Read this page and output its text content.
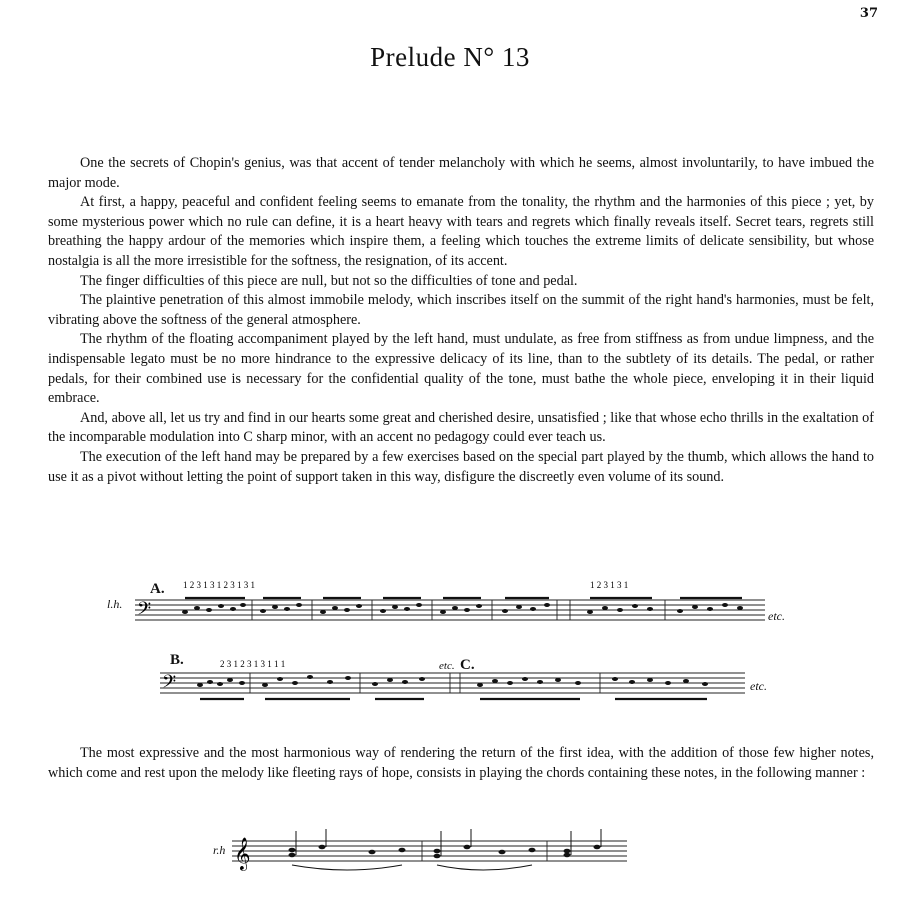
37
Prelude N° 13

One the secrets of Chopin's genius, was that accent of tender melancholy with which he seems, almost involuntarily, to have imbued the major mode.

At first, a happy, peaceful and confident feeling seems to emanate from the tonality, the rhythm and the harmonies of this piece ; yet, by some mysterious power which no rule can define, it is a heart heavy with tears and regrets which finally reveals itself. Secret tears, regrets still breathing the happy ardour of the memories which inspire them, a feeling which touches the extreme limits of delicate sensibility, but whose nostalgia is all the more irresistible for the softness, the resignation, of its accent.

The finger difficulties of this piece are null, but not so the difficulties of tone and pedal.

The plaintive penetration of this almost immobile melody, which inscribes itself on the summit of the right hand's harmonies, must be felt, vibrating above the softness of the general atmosphere.

The rhythm of the floating accompaniment played by the left hand, must undulate, as free from stiffness as from undue limpness, and the indispensable legato must be no more hindrance to the expressive delicacy of its line, than to the subtlety of its details. The pedal, or rather pedals, for their combined use is necessary for the confidential quality of the tone, must bathe the whole piece, enveloping it in their liquid embrace.

And, above all, let us try and find in our hearts some great and cherished desire, unsatisfied ; like that whose echo thrills in the exaltation of the incomparable modulation into C sharp minor, with an accent no pedagogy could ever teach us.

The execution of the left hand may be prepared by a few exercises based on the special part played by the thumb, which allows the hand to use it as a pivot without letting the point of support taken in this way, disfigure the discreetly even volume of its sound.

l.h.
A.
etc.
𝄢
1 2 3 1 3 1 2 3 1 3 1	1 2 3 1 3 1
B.	C.
etc.
etc.
𝄢
2 3 1 2 3 1 3 1 1 1

The most expressive and the most harmonious way of rendering the return of the first idea, with the addition of those few higher notes, which come and rest upon the melody like fleeting rays of hope, consists in playing the chords containing these notes, in the following manner :

r.h 𝄞
